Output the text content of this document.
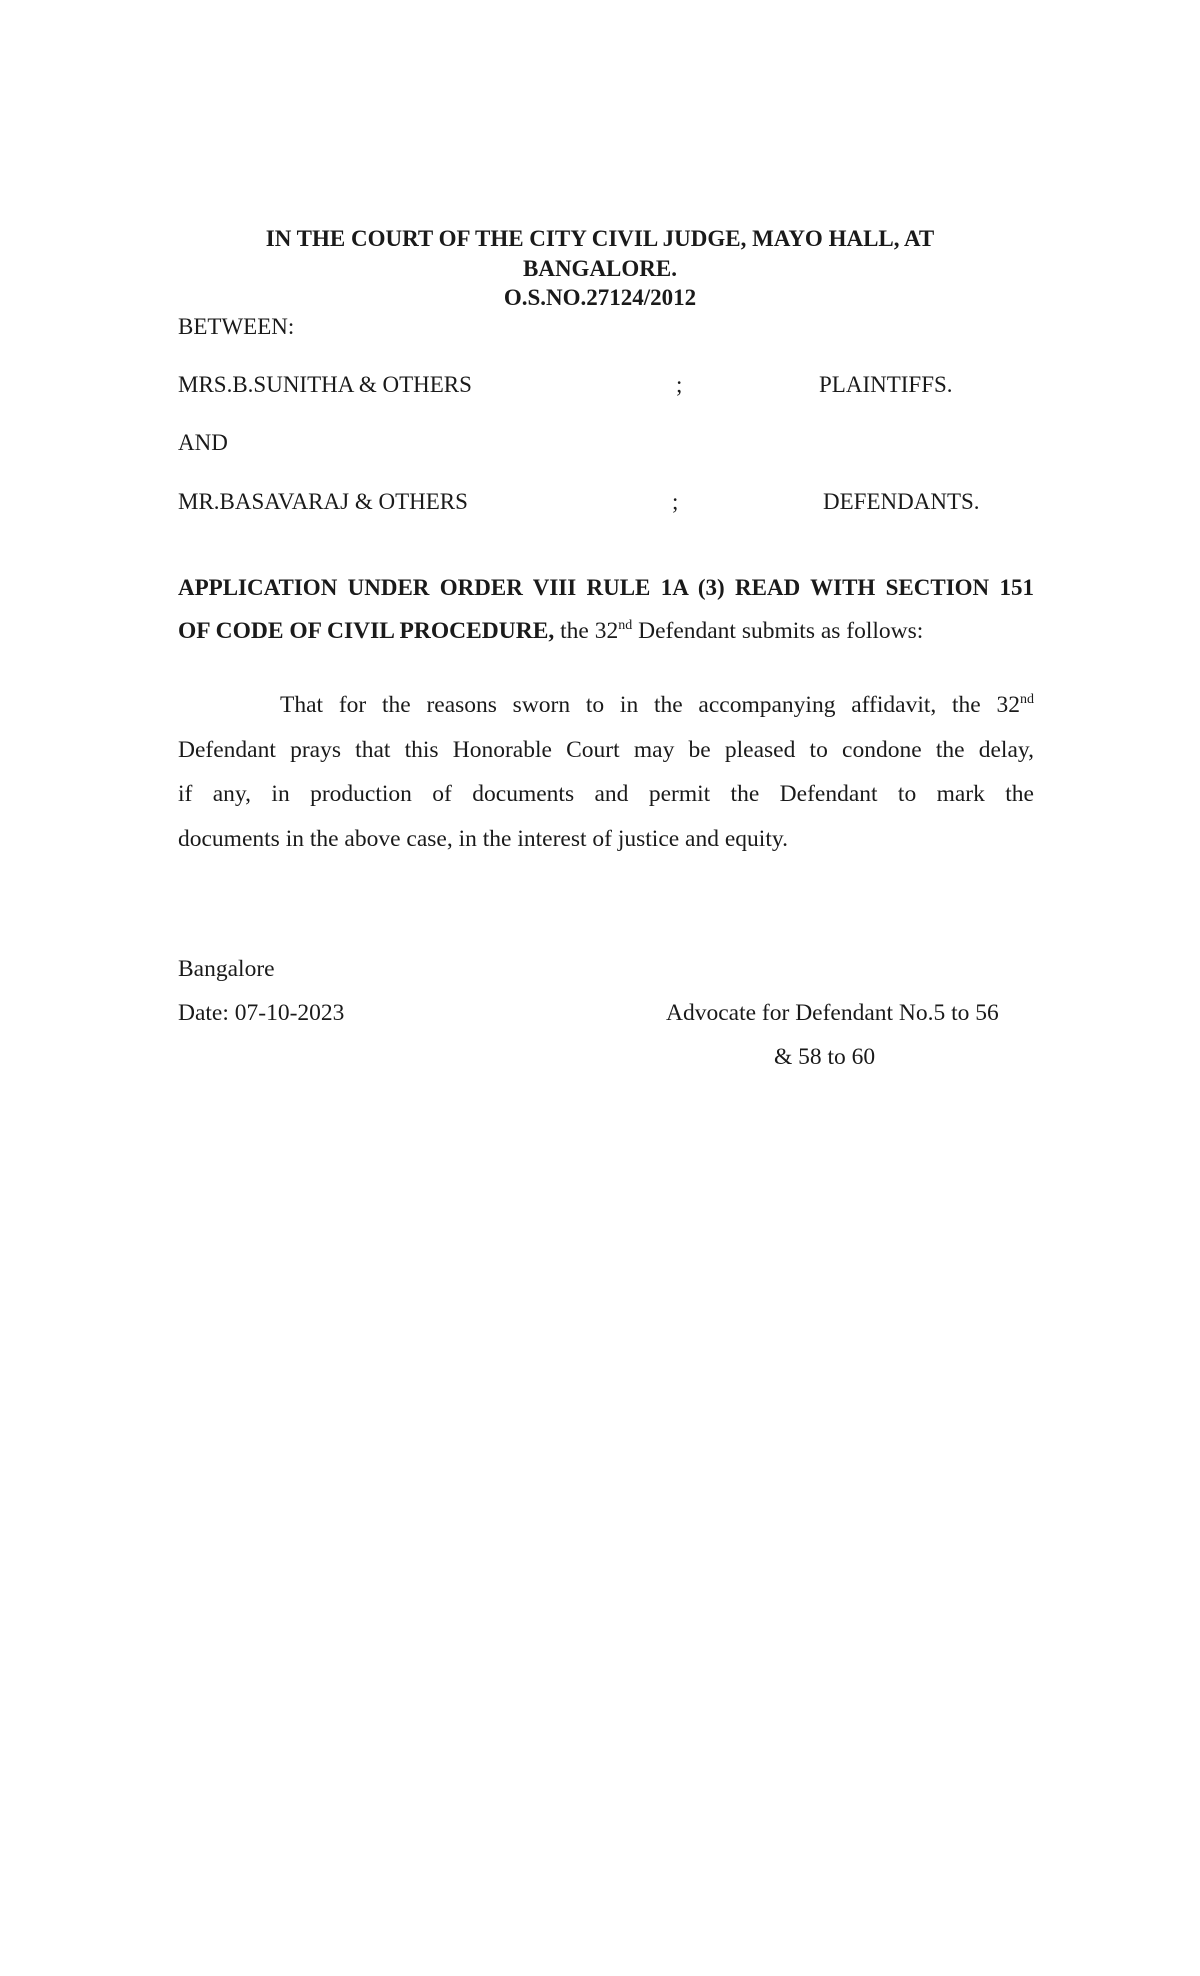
IN THE COURT OF THE CITY CIVIL JUDGE, MAYO HALL, AT
BANGALORE.
O.S.NO.27124/2012
BETWEEN:
MRS.B.SUNITHA & OTHERS	;	PLAINTIFFS.
AND
MR.BASAVARAJ & OTHERS	;	DEFENDANTS.
APPLICATION UNDER ORDER VIII RULE 1A (3) READ WITH SECTION 151
OF CODE OF CIVIL PROCEDURE, the 32nd Defendant submits as follows:
That for the reasons sworn to in the accompanying affidavit, the 32nd
Defendant prays that this Honorable Court may be pleased to condone the delay,
if any, in production of documents and permit the Defendant to mark the
documents in the above case, in the interest of justice and equity.
Bangalore
Date: 07-10-2023	Advocate for Defendant No.5 to 56
& 58 to 60
